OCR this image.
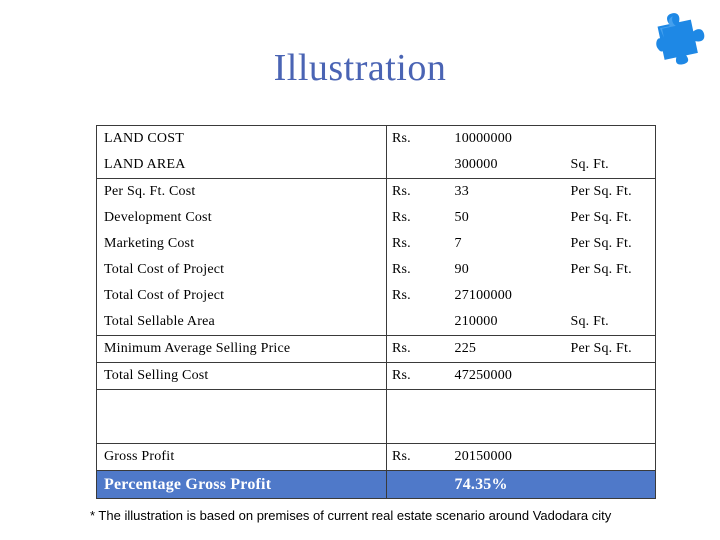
Illustration
LAND COST	Rs.	10000000	
LAND AREA		300000	Sq. Ft.
Per Sq. Ft. Cost	Rs.	33	Per Sq. Ft.
Development Cost	Rs.	50	Per Sq. Ft.
Marketing Cost	Rs.	7	Per Sq. Ft.
Total Cost of Project	Rs.	90	Per Sq. Ft.
Total Cost of Project	Rs.	27100000	
Total Sellable Area		210000	Sq. Ft.
Minimum Average Selling Price	Rs.	225	Per Sq. Ft.
Total Selling Cost	Rs.	47250000	

Gross Profit	Rs.	20150000	
Percentage Gross Profit		74.35%	
* The illustration is based on premises of current real estate scenario around Vadodara city
